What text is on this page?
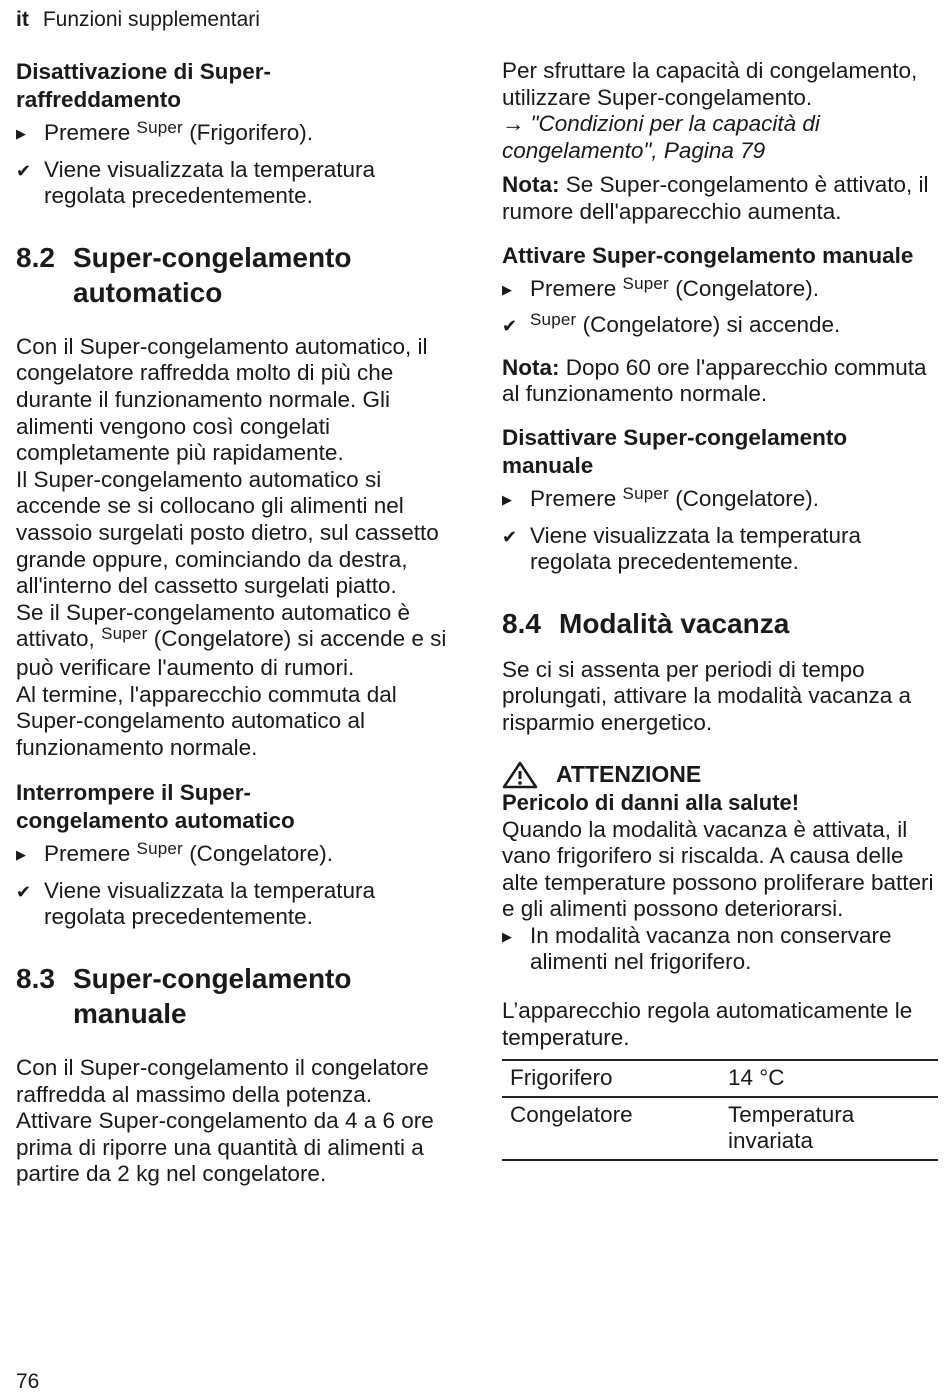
it Funzioni supplementari
Disattivazione di Super-raffreddamento
▶ Premere $^{Super}$ (Frigorifero).
✔ Viene visualizzata la temperatura regolata precedentemente.
8.2 Super-congelamento automatico

Con il Super-congelamento automatico, il congelatore raffredda molto di più che durante il funzionamento normale. Gli alimenti vengono così congelati completamente più rapidamente.

Il Super-congelamento automatico si accende se si collocano gli alimenti nel vassoio surgelati posto dietro, sul cassetto grande oppure, cominciando da destra, all'interno del cassetto surgelati piatto.

Se il Super-congelamento automatico è attivato, $^{Super}$ (Congelatore) si accende e si può verificare l'aumento di rumori.

Al termine, l'apparecchio commuta dal Super-congelamento automatico al funzionamento normale.

Interrompere il Super-congelamento automatico
▶ Premere $^{Super}$ (Congelatore).
✔ Viene visualizzata la temperatura regolata precedentemente.
8.3 Super-congelamento manuale

Con il Super-congelamento il congelatore raffredda al massimo della potenza.

Attivare Super-congelamento da 4 a 6 ore prima di riporre una quantità di alimenti a partire da 2 kg nel congelatore.

Per sfruttare la capacità di congelamento, utilizzare Super-congelamento.

→ "Condizioni per la capacità di congelamento", Pagina 79

Nota: Se Super-congelamento è attivato, il rumore dell'apparecchio aumenta.

Attivare Super-congelamento manuale
▶ Premere $^{Super}$ (Congelatore).
✔ $^{Super}$ (Congelatore) si accende.

Nota: Dopo 60 ore l'apparecchio commuta al funzionamento normale.

Disattivare Super-congelamento manuale
▶ Premere $^{Super}$ (Congelatore).
✔ Viene visualizzata la temperatura regolata precedentemente.
8.4 Modalità vacanza

Se ci si assenta per periodi di tempo prolungati, attivare la modalità vacanza a risparmio energetico.

ATTENZIONE
Pericolo di danni alla salute!

Quando la modalità vacanza è attivata, il vano frigorifero si riscalda. A causa delle alte temperature possono proliferare batteri e gli alimenti possono deteriorarsi.

▶ In modalità vacanza non conservare alimenti nel frigorifero.

L’apparecchio regola automaticamente le temperature.

Frigorifero	14 °C
Congelatore	Temperatura invariata
76
